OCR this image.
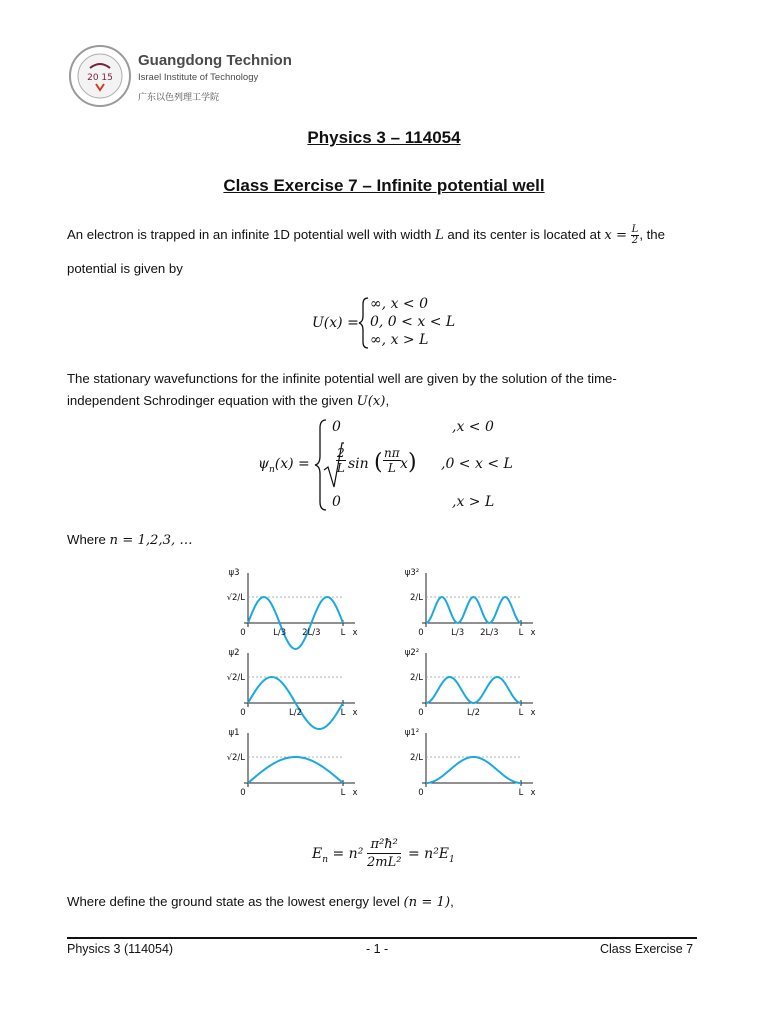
20 15
Guangdong Technion
Israel Institute of Technology
广东以色列理工学院
Physics 3 – 114054
Class Exercise 7 – Infinite potential well
An electron is trapped in an infinite 1D potential well with width L and its center is located at $x = \frac{L}{2}$ , the
potential is given by
U(x) =
∞, x < 0
0, 0 < x < L
∞, x > L
The stationary wavefunctions for the infinite potential well are given by the solution of the time-
independent Schrodinger equation with the given U(x),
$\psi_n(x)$ =
0	,x < 0
$\frac{2}{L}$ sin ( $\frac{n\pi}{L}$ x ) ,0 < x < L
0	,x > L
Where n = 1,2,3, …
ψ3
√2/L
0	L/3 2L/3 L x
ψ2
√2/L
0	L/2	L x
ψ1
√2/L
0	L x
ψ3²
2/L
0	L/3 2L/3 L x
ψ2²
2/L
0	L/2	L x
ψ1²
2/L
0	L x
$E_n = n^2 \frac{\text{π²ħ²}}{\text{2mL²}} = n^2E_1$
Where define the ground state as the lowest energy level (n = 1),
Physics 3 (114054)	- 1 -	Class Exercise 7
